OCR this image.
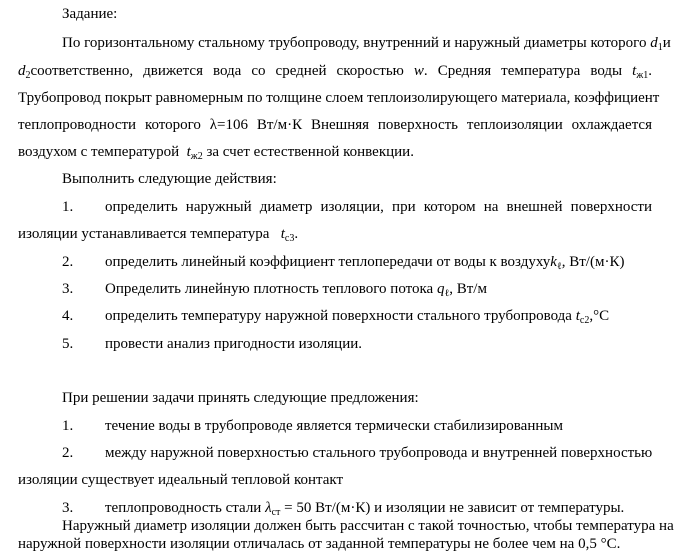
Задание:
По горизонтальному стальному трубопроводу, внутренний и наружный диаметры которого $d_1и$
$d_2соответственно$, движется вода со средней скоростью w. Средняя температура воды $t_{ж1}$.
Трубопровод покрыт равномерным по толщине слоем теплоизолирующего материала, коэффициент
теплопроводности которого λ=106 Вт/м·К Внешняя поверхность теплоизоляции охлаждается
воздухом с температурой $t_{ж2}$ за счет естественной конвекции.
Выполнить следующие действия:
1. определить наружный диаметр изоляции, при котором на внешней поверхности
изоляции устанавливается температура $t_{с3}$.
2. определить линейный коэффициент теплопередачи от воды к воздухуk$_\ell$, Вт/(м·К)
3. Определить линейную плотность теплового потока $q_\ell$, Вт/м
4. определить температуру наружной поверхности стального трубопровода $t_{с2},^\circ С$
5. провести анализ пригодности изоляции.
При решении задачи принять следующие предложения:
1. течение воды в трубопроводе является термически стабилизированным
2. между наружной поверхностью стального трубопровода и внутренней поверхностью
изоляции существует идеальный тепловой контакт
3. теплопроводность стали $\lambda_{ст} = 50$ Вт/(м·К) и изоляции не зависит от температуры.
Наружный диаметр изоляции должен быть рассчитан с такой точностью, чтобы температура на
наружной поверхности изоляции отличалась от заданной температуры не более чем на 0,5 °С.
